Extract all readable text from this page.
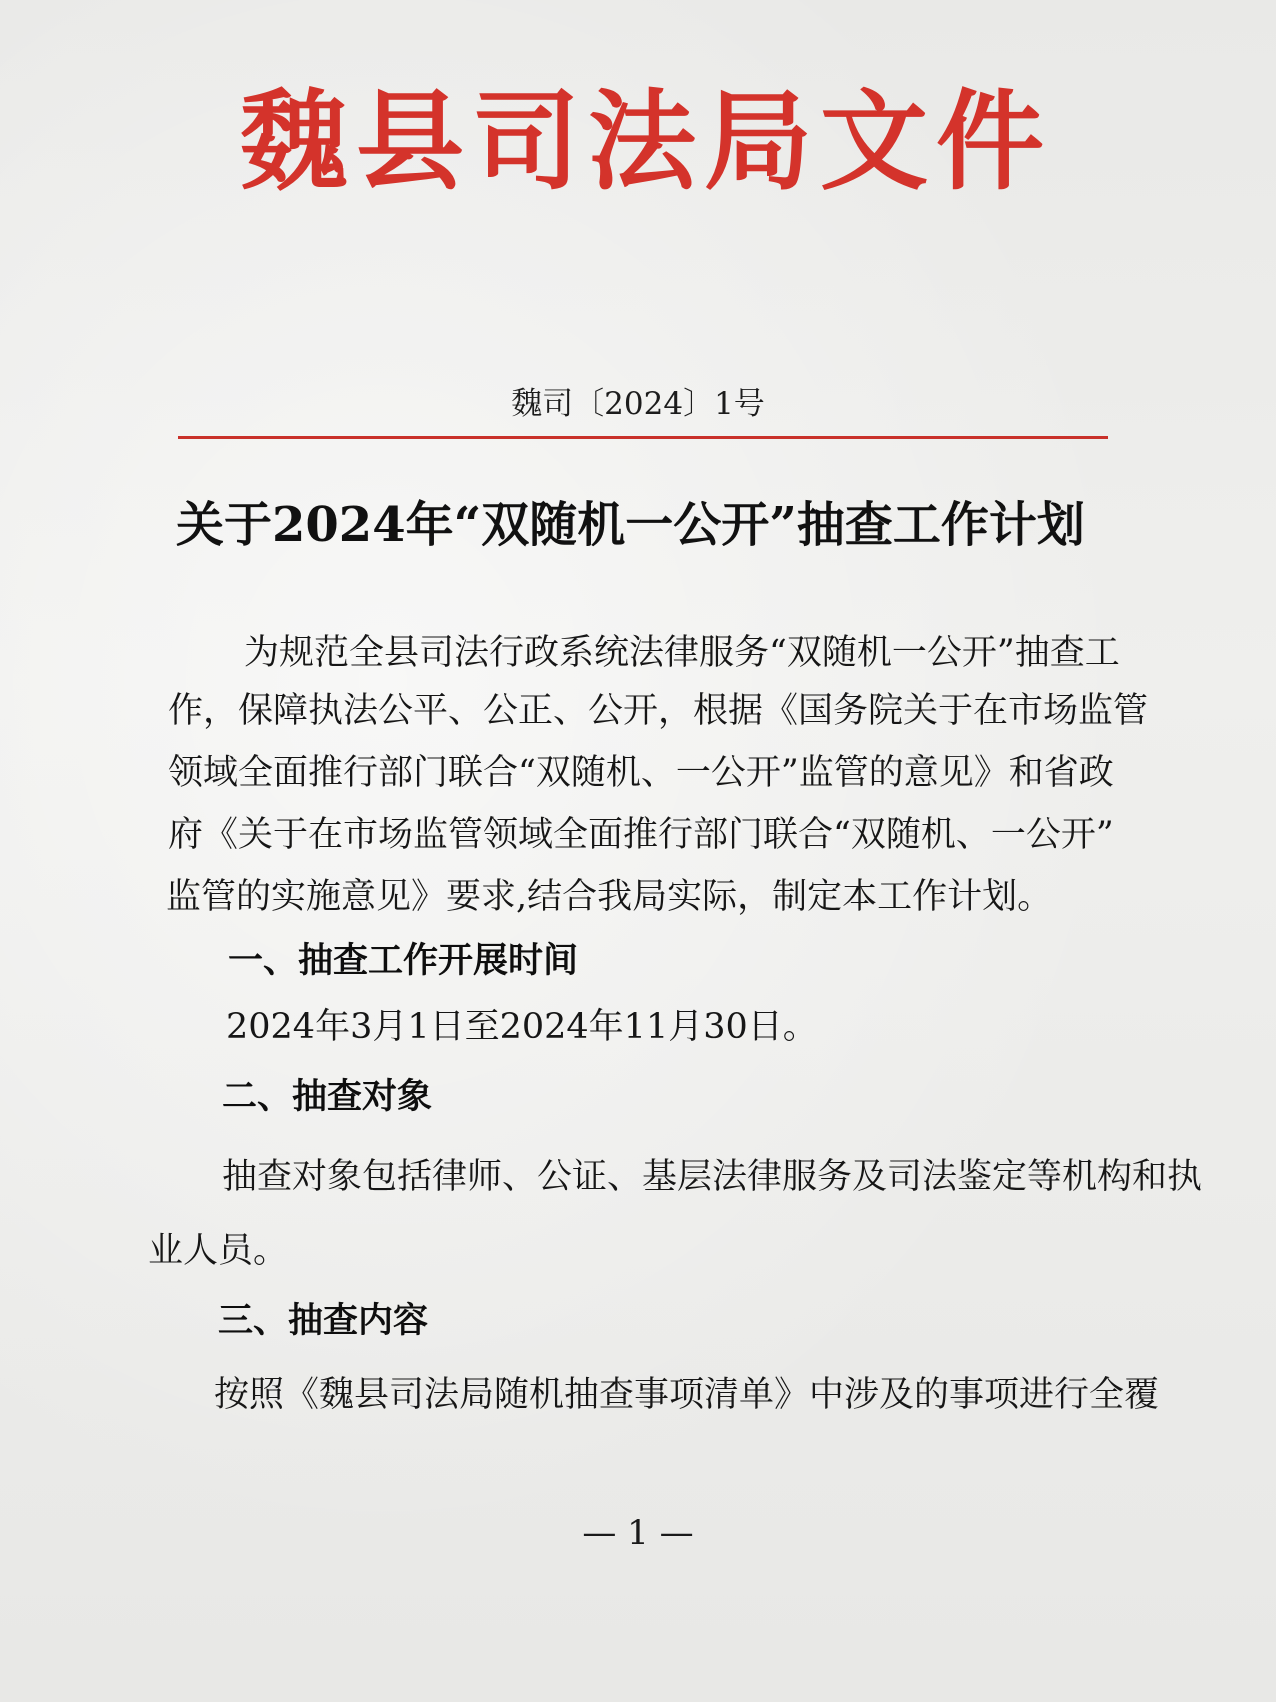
魏县司法局文件
魏司〔2024〕1号
关于2024年“双随机一公开”抽查工作计划
为规范全县司法行政系统法律服务“双随机一公开”抽查工
作，保障执法公平、公正、公开，根据《国务院关于在市场监管
领域全面推行部门联合“双随机、一公开”监管的意见》和省政
府《关于在市场监管领域全面推行部门联合“双随机、一公开”
监管的实施意见》要求,结合我局实际，制定本工作计划。
一、抽查工作开展时间
2024年3月1日至2024年11月30日。
二、抽查对象
抽查对象包括律师、公证、基层法律服务及司法鉴定等机构和执
业人员。
三、抽查内容
按照《魏县司法局随机抽查事项清单》中涉及的事项进行全覆
— 1 —
